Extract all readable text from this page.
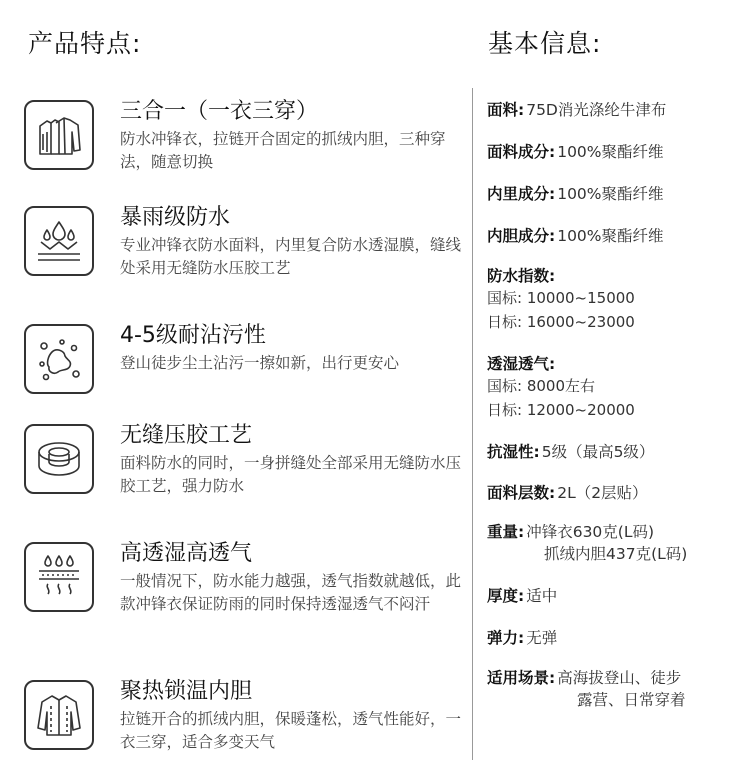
产品特点:	基本信息:
三合一（一衣三穿）
防水冲锋衣，拉链开合固定的抓绒内胆，三种穿法，随意切换
暴雨级防水
专业冲锋衣防水面料，内里复合防水透湿膜，缝线处采用无缝防水压胶工艺
4-5级耐沾污性
登山徒步尘土沾污一擦如新，出行更安心
无缝压胶工艺
面料防水的同时，一身拼缝处全部采用无缝防水压胶工艺，强力防水
高透湿高透气
一般情况下，防水能力越强，透气指数就越低，此款冲锋衣保证防雨的同时保持透湿透气不闷汗
聚热锁温内胆
拉链开合的抓绒内胆，保暖蓬松，透气性能好，一衣三穿，适合多变天气
面料: 75D消光涤纶牛津布
面料成分: 100%聚酯纤维
内里成分: 100%聚酯纤维
内胆成分: 100%聚酯纤维
防水指数:
国标: 10000~15000
日标: 16000~23000
透湿透气:
国标: 8000左右
日标: 12000~20000
抗湿性: 5级（最高5级）
面料层数: 2L（2层贴）
重量: 冲锋衣630克(L码)
抓绒内胆437克(L码)
厚度: 适中
弹力: 无弹
适用场景: 高海拔登山、徒步
露营、日常穿着
